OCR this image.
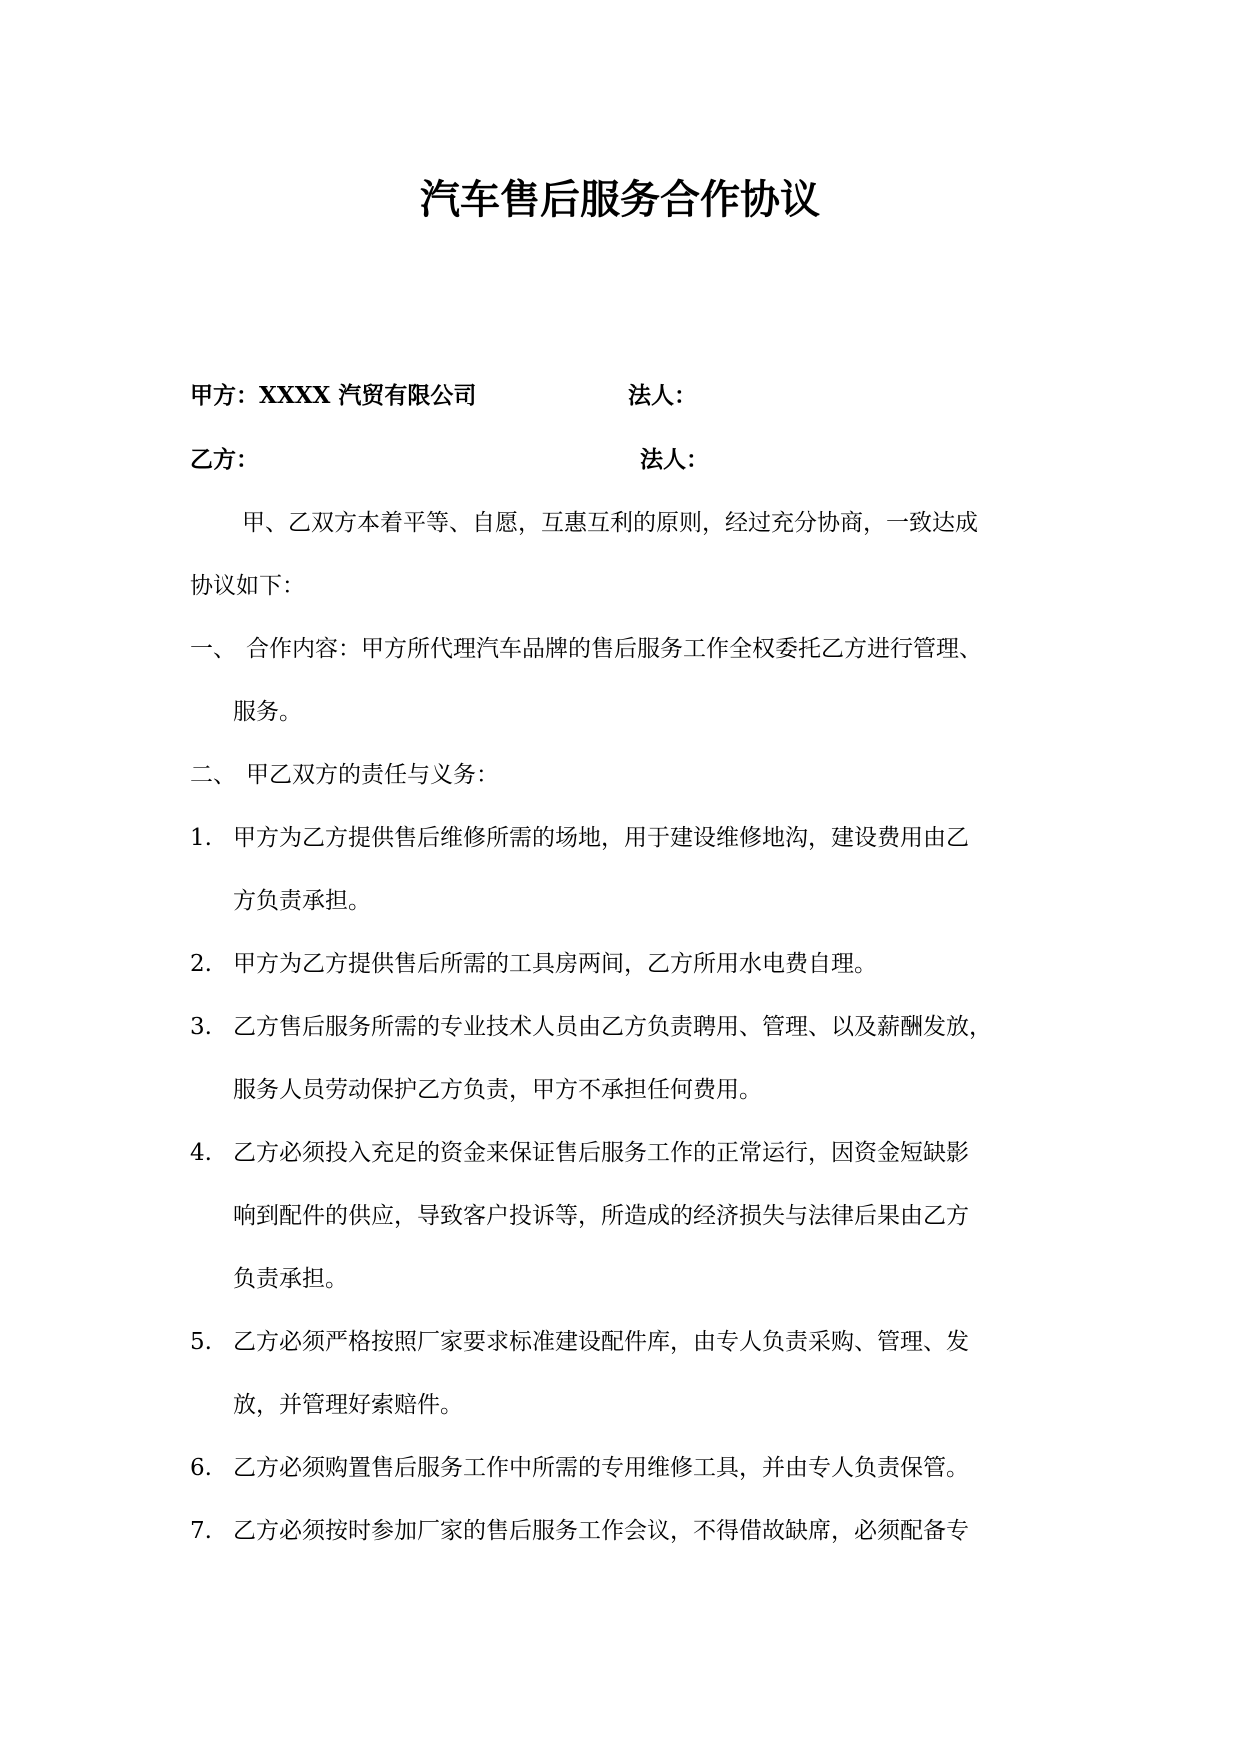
汽车售后服务合作协议
甲方：XXXX 汽贸有限公司	法人：
乙方：	法人：
甲、乙双方本着平等、自愿，互惠互利的原则，经过充分协商，一致达成
协议如下：
一、 合作内容：甲方所代理汽车品牌的售后服务工作全权委托乙方进行管理、
服务。
二、 甲乙双方的责任与义务：
1. 甲方为乙方提供售后维修所需的场地，用于建设维修地沟，建设费用由乙
方负责承担。
2. 甲方为乙方提供售后所需的工具房两间，乙方所用水电费自理。
3. 乙方售后服务所需的专业技术人员由乙方负责聘用、管理、以及薪酬发放，
服务人员劳动保护乙方负责，甲方不承担任何费用。
4. 乙方必须投入充足的资金来保证售后服务工作的正常运行，因资金短缺影
响到配件的供应，导致客户投诉等，所造成的经济损失与法律后果由乙方
负责承担。
5. 乙方必须严格按照厂家要求标准建设配件库，由专人负责采购、管理、发
放，并管理好索赔件。
6. 乙方必须购置售后服务工作中所需的专用维修工具，并由专人负责保管。
7. 乙方必须按时参加厂家的售后服务工作会议，不得借故缺席，必须配备专
